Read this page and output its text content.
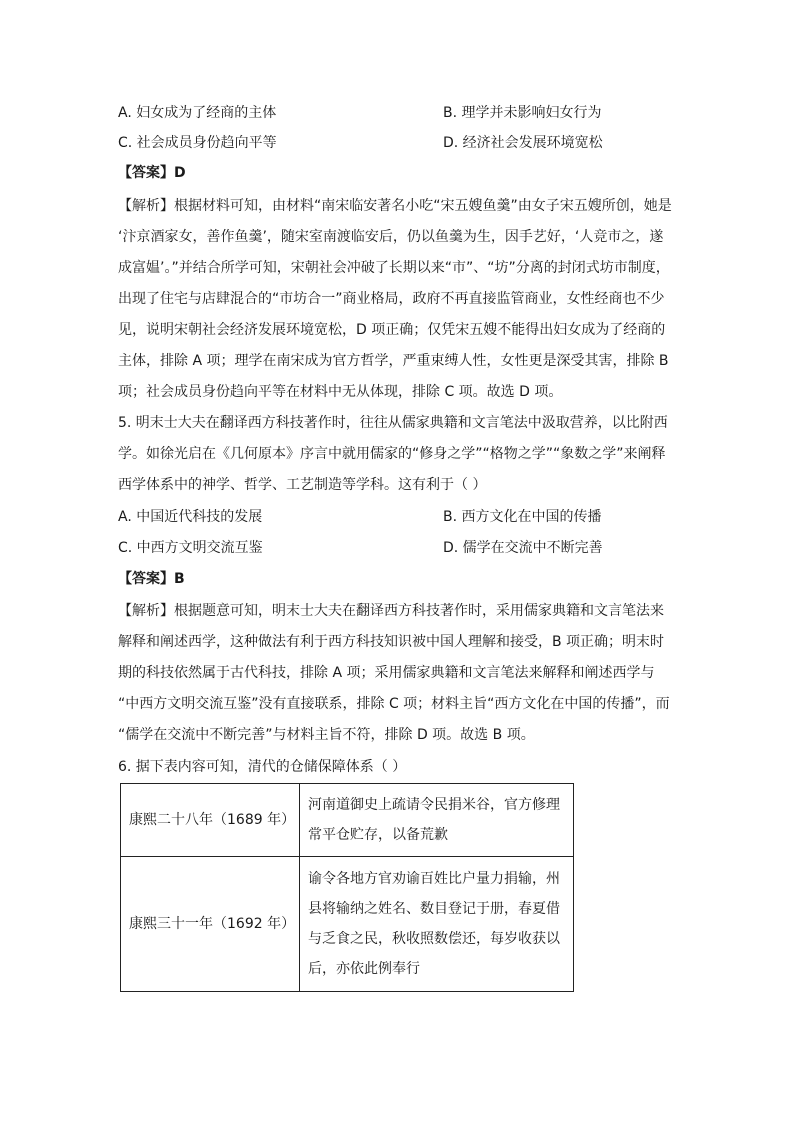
A. 妇女成为了经商的主体	B. 理学并未影响妇女行为
C. 社会成员身份趋向平等	D. 经济社会发展环境宽松
【答案】D
【解析】根据材料可知，由材料“南宋临安著名小吃“宋五嫂鱼羹”由女子宋五嫂所创，她是
‘汴京酒家女，善作鱼羹’，随宋室南渡临安后，仍以鱼羹为生，因手艺好，‘人竞市之，遂
成富媪’。”并结合所学可知，宋朝社会冲破了长期以来“市”、“坊”分离的封闭式坊市制度，
出现了住宅与店肆混合的“市坊合一”商业格局，政府不再直接监管商业，女性经商也不少
见，说明宋朝社会经济发展环境宽松，D 项正确；仅凭宋五嫂不能得出妇女成为了经商的
主体，排除 A 项；理学在南宋成为官方哲学，严重束缚人性，女性更是深受其害，排除 B
项；社会成员身份趋向平等在材料中无从体现，排除 C 项。故选 D 项。
5. 明末士大夫在翻译西方科技著作时，往往从儒家典籍和文言笔法中汲取营养，以比附西
学。如徐光启在《几何原本》序言中就用儒家的“修身之学”“格物之学”“象数之学”来阐释
西学体系中的神学、哲学、工艺制造等学科。这有利于（ ）
A. 中国近代科技的发展	B. 西方文化在中国的传播
C. 中西方文明交流互鉴	D. 儒学在交流中不断完善
【答案】B
【解析】根据题意可知，明末士大夫在翻译西方科技著作时，采用儒家典籍和文言笔法来
解释和阐述西学，这种做法有利于西方科技知识被中国人理解和接受，B 项正确；明末时
期的科技依然属于古代科技，排除 A 项；采用儒家典籍和文言笔法来解释和阐述西学与
“中西方文明交流互鉴”没有直接联系，排除 C 项；材料主旨“西方文化在中国的传播”，而
“儒学在交流中不断完善”与材料主旨不符，排除 D 项。故选 B 项。
6. 据下表内容可知，清代的仓储保障体系（ ）
康熙二十八年（1689 年）	河南道御史上疏请令民捐米谷，官方修理
常平仓贮存，以备荒歉

康熙三十一年（1692 年）	谕令各地方官劝谕百姓比户量力捐输，州
县将输纳之姓名、数目登记于册，春夏借
与乏食之民，秋收照数偿还，每岁收获以
后，亦依此例奉行
